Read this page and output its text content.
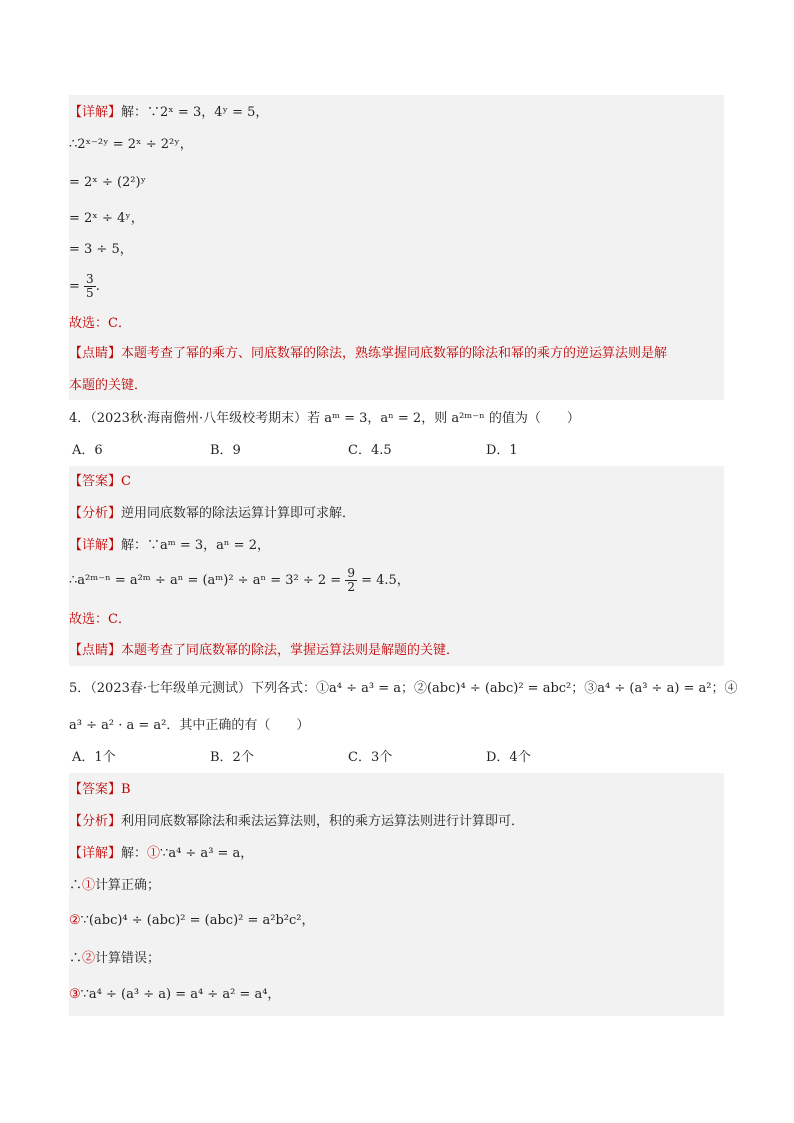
【详解】解：∵2ˣ = 3，4ʸ = 5，
∴2ˣ⁻²ʸ = 2ˣ ÷ 2²ʸ，
= 2ˣ ÷ (2²)ʸ
= 2ˣ ÷ 4ʸ，
= 3 ÷ 5，
= $\frac{3}{5}$ .
故选：C．
【点睛】本题考查了幂的乘方、同底数幂的除法，熟练掌握同底数幂的除法和幂的乘方的逆运算法则是解
本题的关键．
4．（2023秋·海南儋州·八年级校考期末）若 aᵐ = 3，aⁿ = 2，则 a²ᵐ⁻ⁿ 的值为（　　）
A．6	B．9	C．4.5	D．1
【答案】C
【分析】逆用同底数幂的除法运算计算即可求解．
【详解】解：∵aᵐ = 3，aⁿ = 2，
∴a²ᵐ⁻ⁿ = a²ᵐ ÷ aⁿ = (aᵐ)² ÷ $a^n = 3^2 \div 2 = \frac{9}{2} = 4.5$，
故选：C．
【点睛】本题考查了同底数幂的除法，掌握运算法则是解题的关键．
5．（2023春·七年级单元测试）下列各式：①a⁴ ÷ a³ = a；②(abc)⁴ ÷ (abc)² = abc²；③a⁴ ÷ (a³ ÷ a) = a²；④
a³ ÷ a² · a = a²．其中正确的有（　　）
A．1个	B．2个	C．3个	D．4个
【答案】B
【分析】利用同底数幂除法和乘法运算法则，积的乘方运算法则进行计算即可．
【详解】解：①∵a⁴ ÷ a³ = a，
∴①计算正确；
②∵(abc)⁴ ÷ (abc)² = (abc)² = a²b²c²，
∴②计算错误；
③∵a⁴ ÷ (a³ ÷ a) = a⁴ ÷ a² = a⁴，
